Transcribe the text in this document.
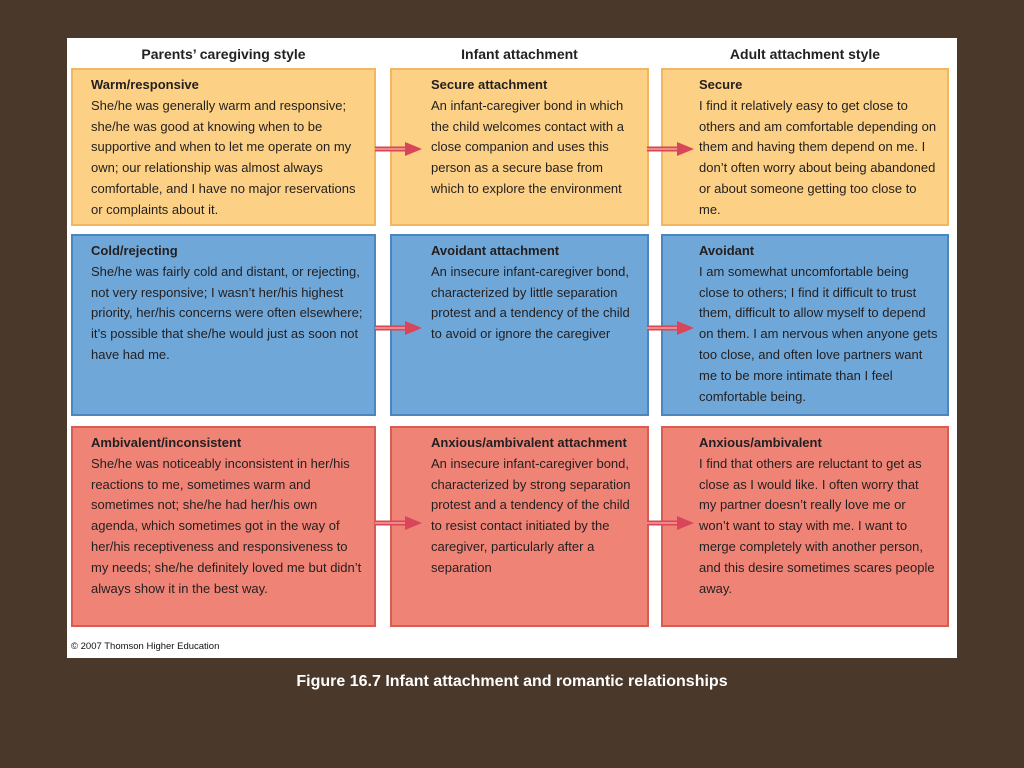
Parents’ caregiving style	Infant attachment	Adult attachment style
Warm/responsive
She/he was generally warm and responsive; she/he was good at knowing when to be supportive and when to let me operate on my own; our relationship was almost always comfortable, and I have no major reservations or complaints about it.
Secure attachment
An infant-caregiver bond in which the child welcomes contact with a close companion and uses this person as a secure base from which to explore the environment
Secure
I find it relatively easy to get close to others and am comfortable depending on them and having them depend on me. I don’t often worry about being abandoned or about someone getting too close to me.
Cold/rejecting
She/he was fairly cold and distant, or rejecting, not very responsive; I wasn’t her/his highest priority, her/his concerns were often elsewhere; it’s possible that she/he would just as soon not have had me.
Avoidant attachment
An insecure infant-caregiver bond, characterized by little separation protest and a tendency of the child to avoid or ignore the caregiver
Avoidant
I am somewhat uncomfortable being close to others; I find it difficult to trust them, difficult to allow myself to depend on them. I am nervous when anyone gets too close, and often love partners want me to be more intimate than I feel comfortable being.
Ambivalent/inconsistent
She/he was noticeably inconsistent in her/his reactions to me, sometimes warm and sometimes not; she/he had her/his own agenda, which sometimes got in the way of her/his receptiveness and responsiveness to my needs; she/he definitely loved me but didn’t always show it in the best way.
Anxious/ambivalent attachment
An insecure infant-caregiver bond, characterized by strong separation protest and a tendency of the child to resist contact initiated by the caregiver, particularly after a separation
Anxious/ambivalent
I find that others are reluctant to get as close as I would like. I often worry that my partner doesn’t really love me or won’t want to stay with me. I want to merge completely with another person, and this desire sometimes scares people away.
© 2007 Thomson Higher Education
Figure 16.7 Infant attachment and romantic relationships
